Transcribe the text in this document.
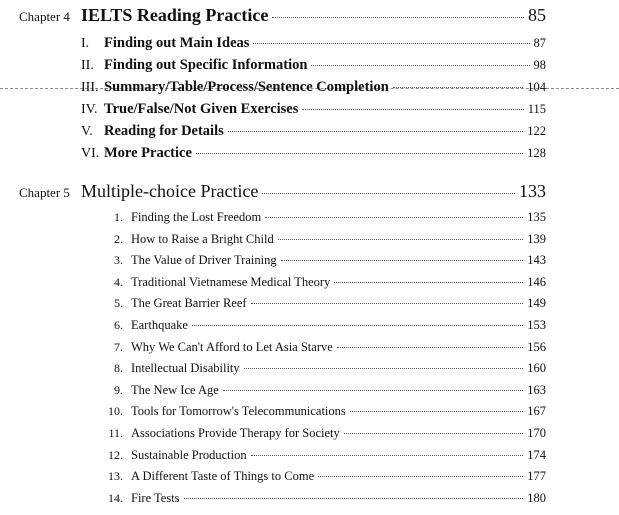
Chapter 4 IELTS Reading Practice	85
I.	Finding out Main Ideas	87
II. Finding out Specific Information	98
III. Summary/Table/Process/Sentence Completion	104
IV. True/False/Not Given Exercises	115
V. Reading for Details	122
VI. More Practice	128
Chapter 5 Multiple-choice Practice	133
1. Finding the Lost Freedom	135
2. How to Raise a Bright Child	139
3. The Value of Driver Training	143
4. Traditional Vietnamese Medical Theory	146
5. The Great Barrier Reef	149
6. Earthquake	153
7. Why We Can't Afford to Let Asia Starve	156
8. Intellectual Disability	160
9. The New Ice Age	163
10. Tools for Tomorrow's Telecommunications	167
11. Associations Provide Therapy for Society	170
12. Sustainable Production	174
13. A Different Taste of Things to Come	177
14. Fire Tests	180
